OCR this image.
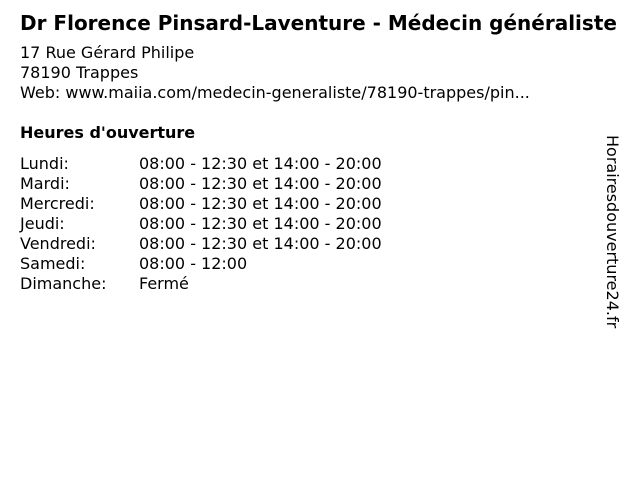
Dr Florence Pinsard-Laventure - Médecin généraliste
17 Rue Gérard Philipe
78190 Trappes
Web: www.maiia.com/medecin-generaliste/78190-trappes/pin...
Heures d'ouverture
Lundi:	08:00 - 12:30 et 14:00 - 20:00
Mardi:	08:00 - 12:30 et 14:00 - 20:00
Mercredi:	08:00 - 12:30 et 14:00 - 20:00
Jeudi:	08:00 - 12:30 et 14:00 - 20:00
Vendredi:	08:00 - 12:30 et 14:00 - 20:00
Samedi:	08:00 - 12:00
Dimanche: Fermé	Horairesdouverture24.fr
